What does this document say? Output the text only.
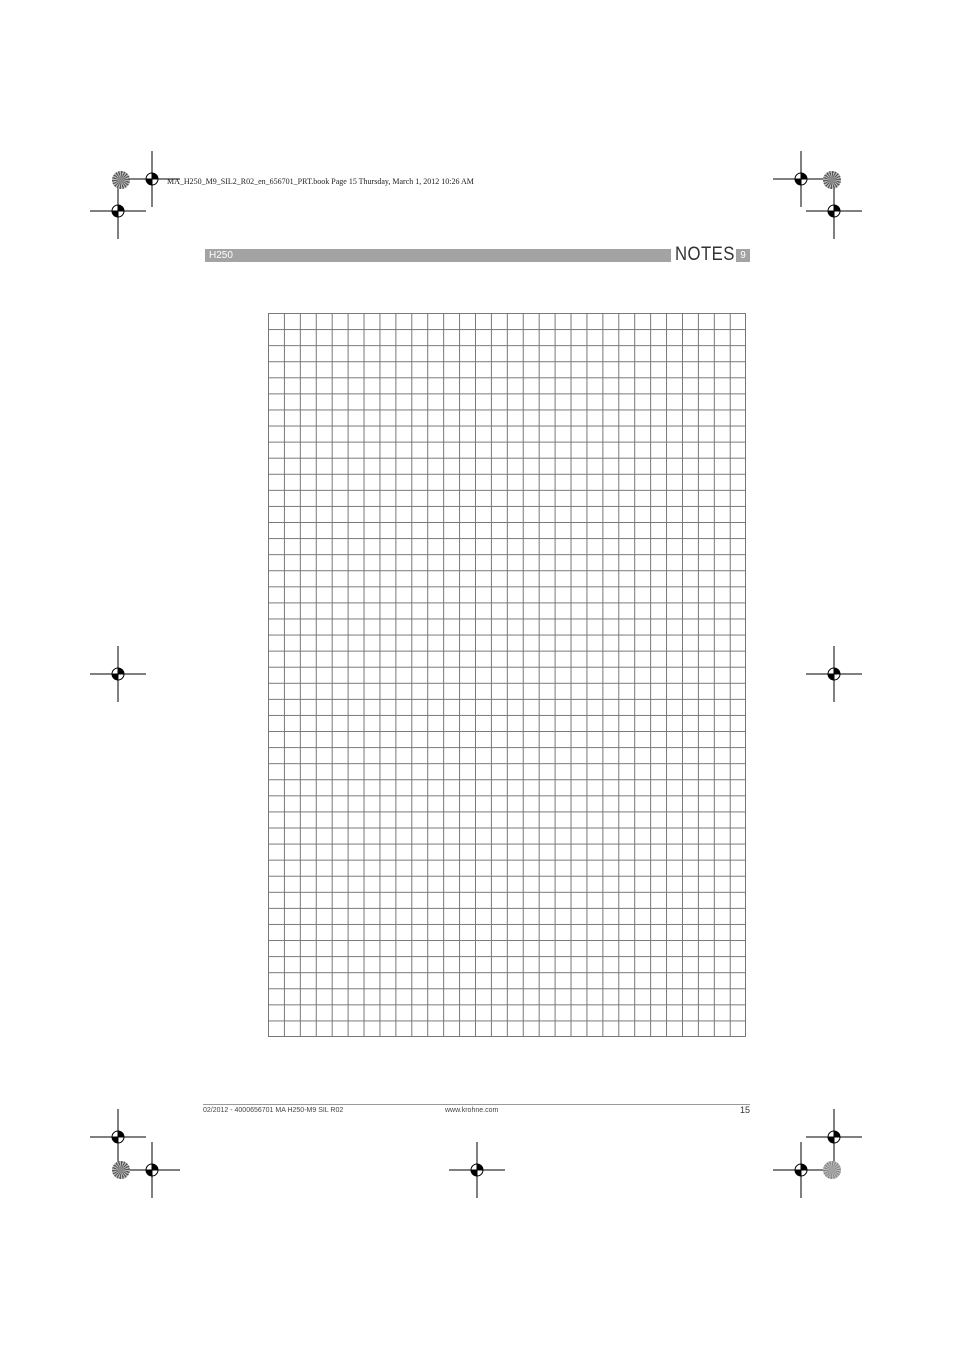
MA_H250_M9_SIL2_R02_en_656701_PRT.book Page 15 Thursday, March 1, 2012 10:26 AM
H250	NOTES 9
02/2012 - 4000656701 MA H250-M9 SIL R02	www.krohne.com	15
